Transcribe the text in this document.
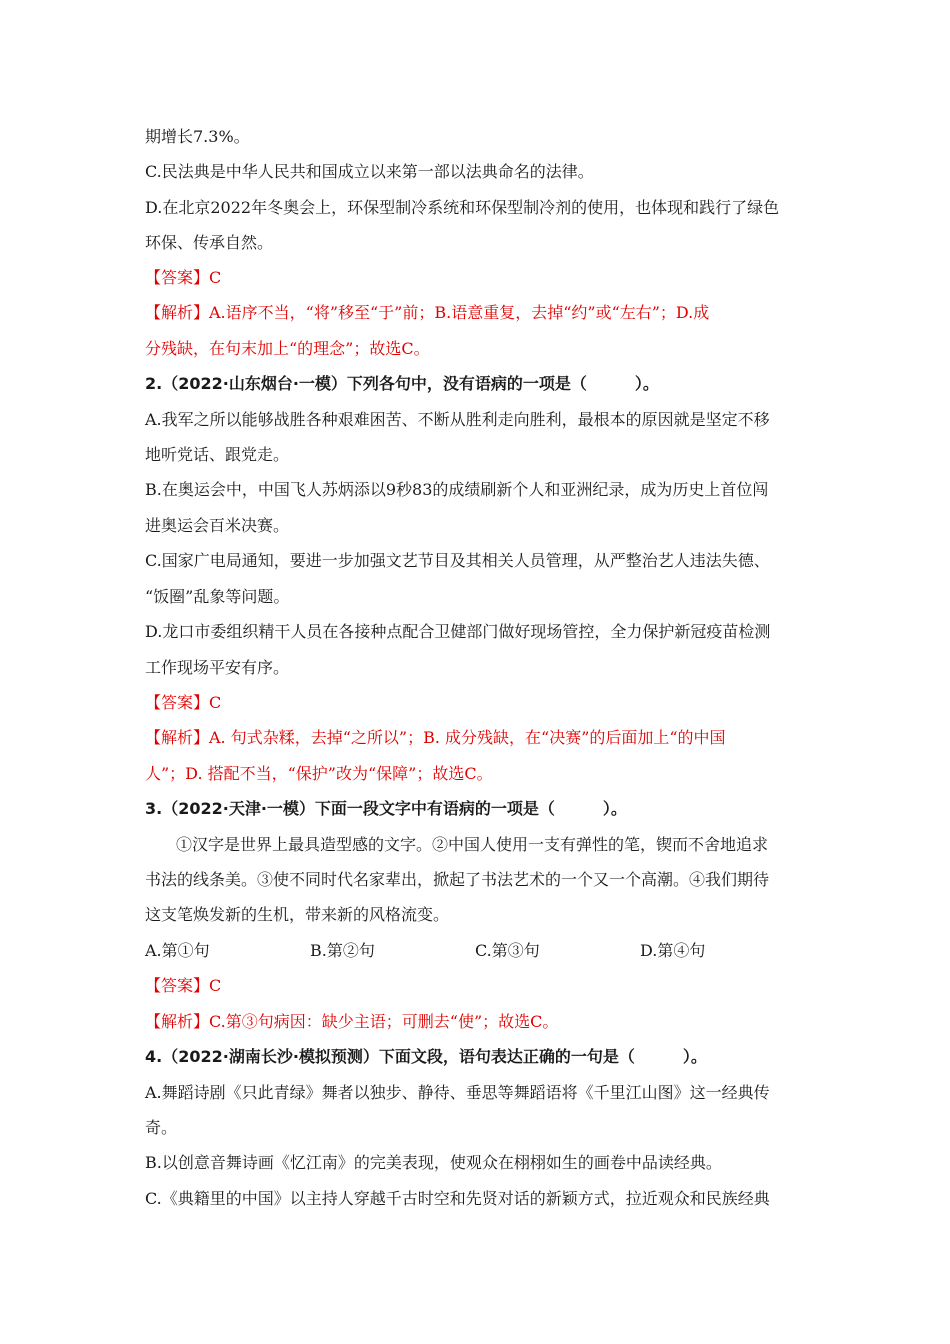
期增长7.3%。
C.民法典是中华人民共和国成立以来第一部以法典命名的法律。
D.在北京2022年冬奥会上，环保型制冷系统和环保型制冷剂的使用，也体现和践行了绿色
环保、传承自然。
【答案】C
【解析】A.语序不当，“将”移至“于”前；B.语意重复，去掉“约”或“左右”；D.成
分残缺，在句末加上“的理念”；故选C。
2.（2022·山东烟台·一模）下列各句中，没有语病的一项是（　　　）。
A.我军之所以能够战胜各种艰难困苦、不断从胜利走向胜利，最根本的原因就是坚定不移
地听党话、跟党走。
B.在奥运会中，中国飞人苏炳添以9秒83的成绩刷新个人和亚洲纪录，成为历史上首位闯
进奥运会百米决赛。
C.国家广电局通知，要进一步加强文艺节目及其相关人员管理，从严整治艺人违法失德、
“饭圈”乱象等问题。
D.龙口市委组织精干人员在各接种点配合卫健部门做好现场管控，全力保护新冠疫苗检测
工作现场平安有序。
【答案】C
【解析】A. 句式杂糅，去掉“之所以”；B. 成分残缺，在“决赛”的后面加上“的中国
人”；D. 搭配不当，“保护”改为“保障”；故选C。
3.（2022·天津·一模）下面一段文字中有语病的一项是（　　　）。
①汉字是世界上最具造型感的文字。②中国人使用一支有弹性的笔，锲而不舍地追求
书法的线条美。③使不同时代名家辈出，掀起了书法艺术的一个又一个高潮。④我们期待
这支笔焕发新的生机，带来新的风格流变。
A.第①句	B.第②句	C.第③句	D.第④句
【答案】C
【解析】C.第③句病因：缺少主语；可删去“使”；故选C。
4.（2022·湖南长沙·模拟预测）下面文段，语句表达正确的一句是（　　　）。
A.舞蹈诗剧《只此青绿》舞者以独步、静待、垂思等舞蹈语将《千里江山图》这一经典传
奇。
B.以创意音舞诗画《忆江南》的完美表现，使观众在栩栩如生的画卷中品读经典。
C.《典籍里的中国》以主持人穿越千古时空和先贤对话的新颖方式，拉近观众和民族经典
